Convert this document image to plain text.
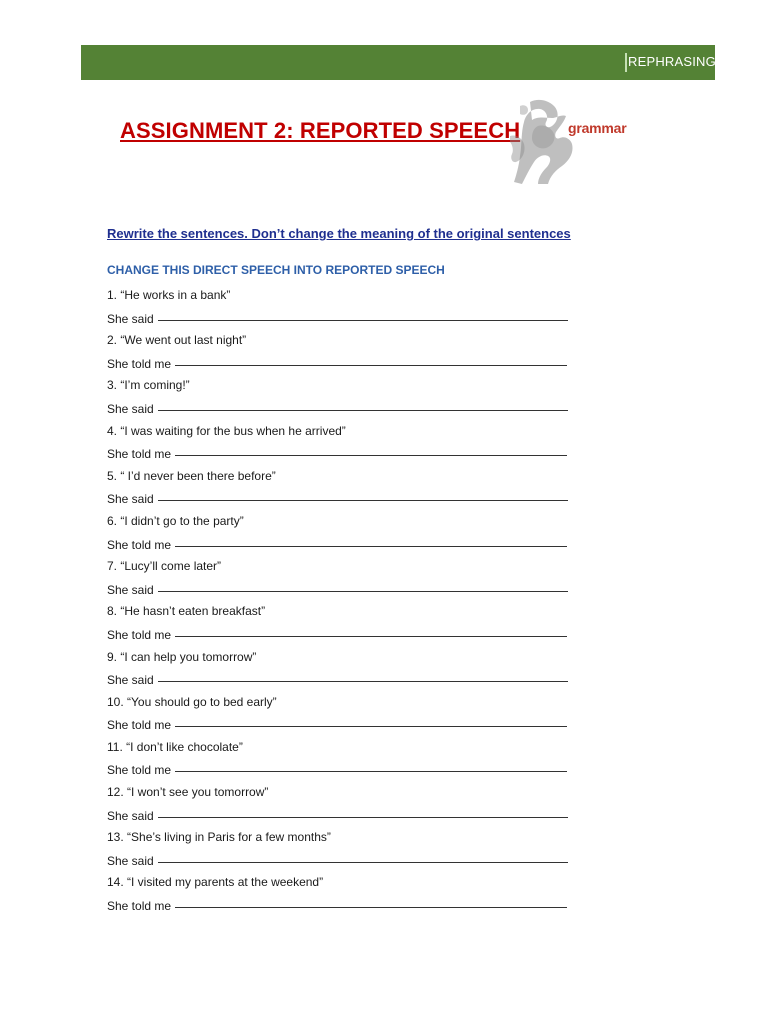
REPHRASING
ASSIGNMENT 2: REPORTED SPEECH	grammar
Rewrite the sentences. Don’t change the meaning of the original sentences
CHANGE THIS DIRECT SPEECH INTO REPORTED SPEECH
1. “He works in a bank”
She said
2. “We went out last night”
She told me
3. “I’m coming!”
She said
4. “I was waiting for the bus when he arrived”
She told me
5. “ I’d never been there before”
She said
6. “I didn’t go to the party”
She told me
7. “Lucy’ll come later”
She said
8. “He hasn’t eaten breakfast”
She told me
9. “I can help you tomorrow”
She said
10. “You should go to bed early”
She told me
11. “I don’t like chocolate”
She told me
12. “I won’t see you tomorrow”
She said
13. “She’s living in Paris for a few months”
She said
14. “I visited my parents at the weekend”
She told me
